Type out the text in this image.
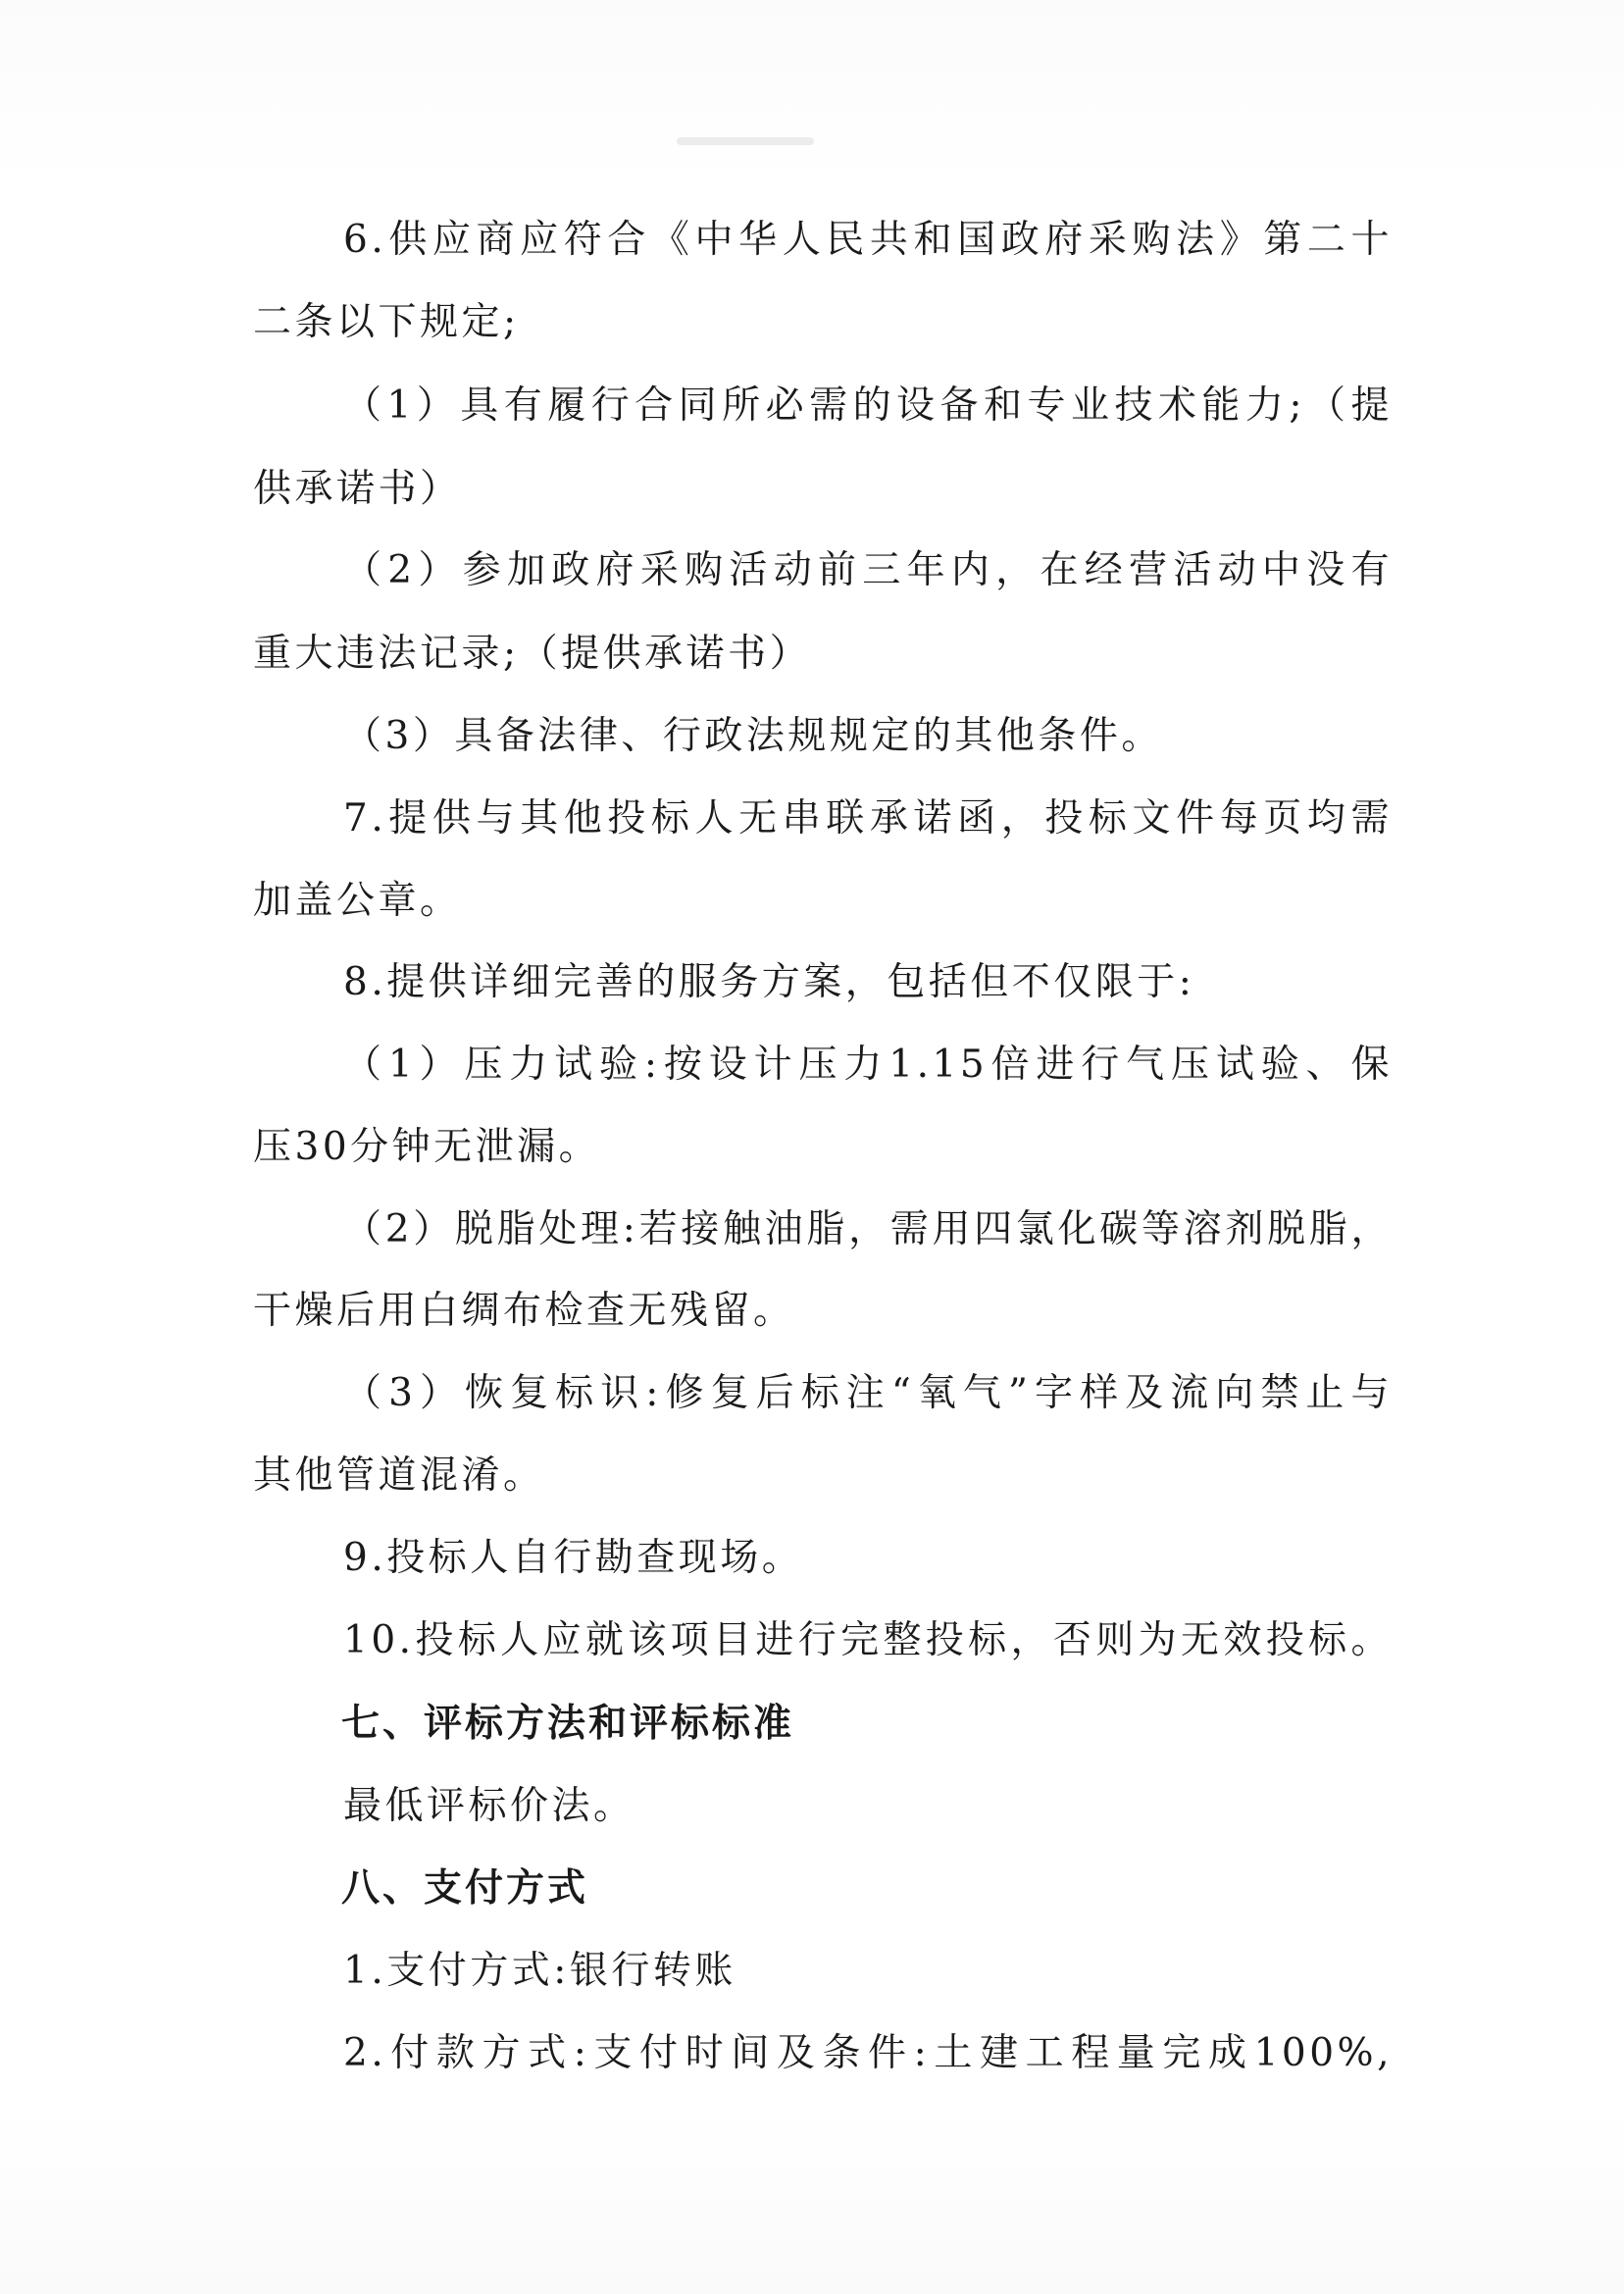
6.供应商应符合《中华人民共和国政府采购法》第二十
二条以下规定;
（1）具有履行合同所必需的设备和专业技术能力;（提
供承诺书）
（2）参加政府采购活动前三年内，在经营活动中没有
重大违法记录;（提供承诺书）
（3）具备法律、行政法规规定的其他条件。
7.提供与其他投标人无串联承诺函，投标文件每页均需
加盖公章。
8.提供详细完善的服务方案，包括但不仅限于:
（1）压力试验:按设计压力1.15倍进行气压试验、保
压30分钟无泄漏。
（2）脱脂处理:若接触油脂，需用四氯化碳等溶剂脱脂，
干燥后用白绸布检查无残留。
（3）恢复标识:修复后标注“氧气”字样及流向禁止与
其他管道混淆。
9.投标人自行勘查现场。
10.投标人应就该项目进行完整投标，否则为无效投标。
七、评标方法和评标标准
最低评标价法。
八、支付方式
1.支付方式:银行转账
2.付款方式:支付时间及条件:土建工程量完成100%,
